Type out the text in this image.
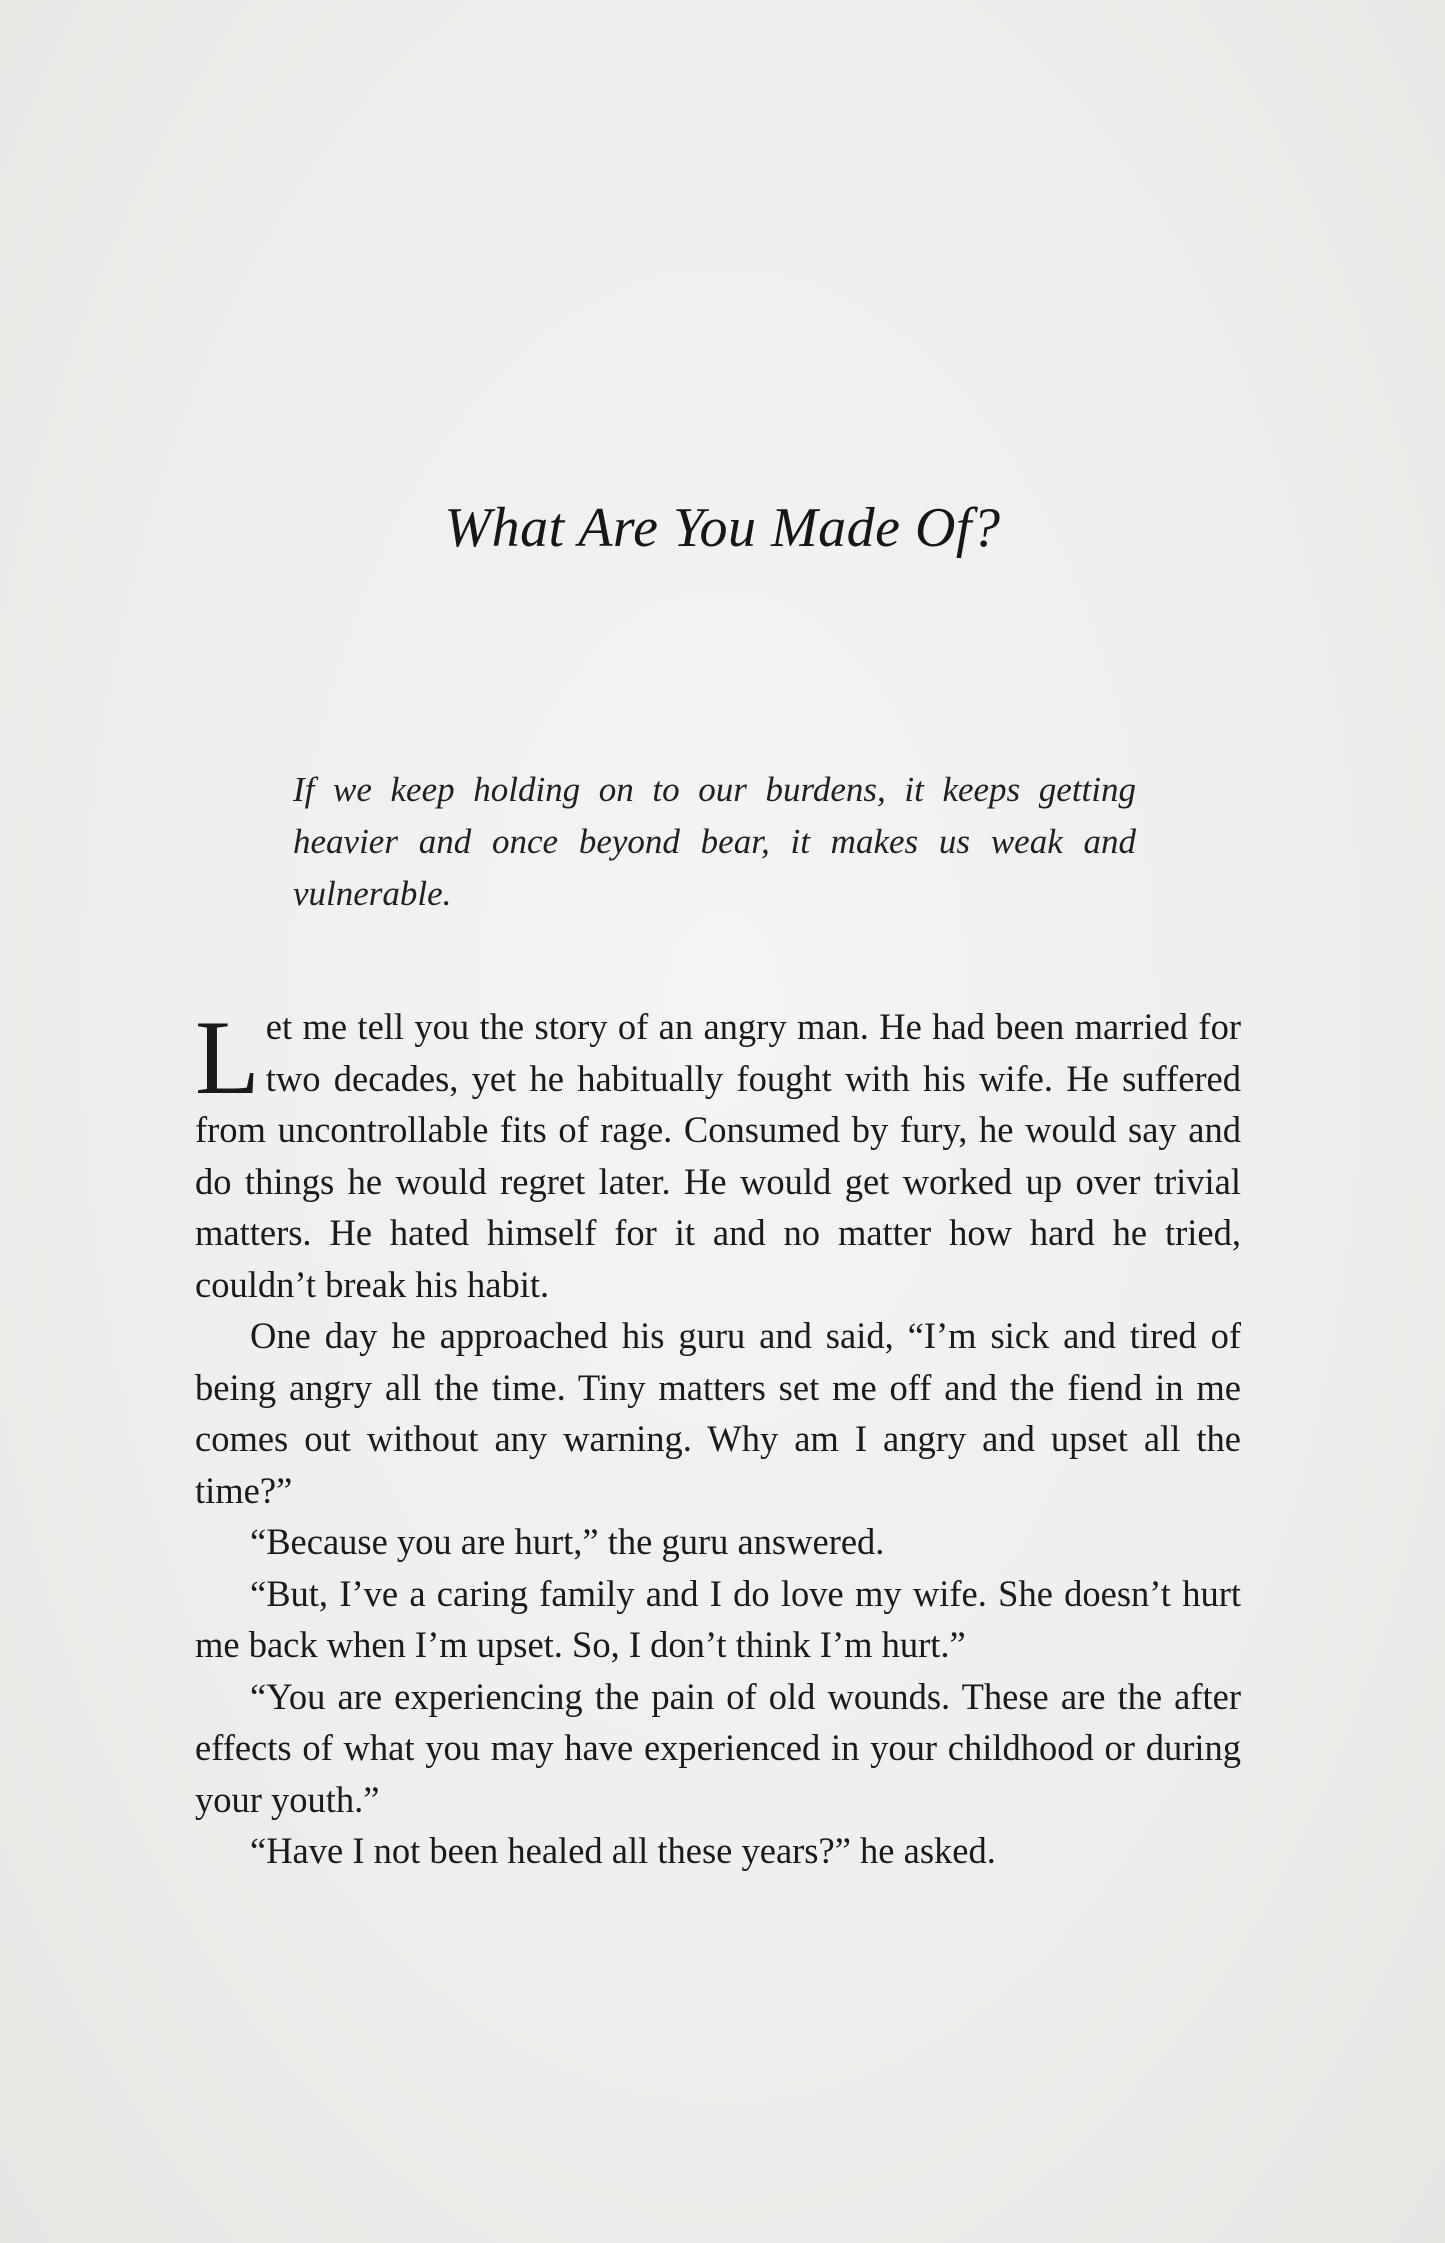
What Are You Made Of?
If we keep holding on to our burdens, it keeps getting heavier and once beyond bear, it makes us weak and vulnerable.

Let me tell you the story of an angry man. He had been married for two decades, yet he habitually fought with his wife. He suffered from uncontrollable fits of rage. Consumed by fury, he would say and do things he would regret later. He would get worked up over trivial matters. He hated himself for it and no matter how hard he tried, couldn’t break his habit.

One day he approached his guru and said, “I’m sick and tired of being angry all the time. Tiny matters set me off and the fiend in me comes out without any warning. Why am I angry and upset all the time?”

“Because you are hurt,” the guru answered.

“But, I’ve a caring family and I do love my wife. She doesn’t hurt me back when I’m upset. So, I don’t think I’m hurt.”

“You are experiencing the pain of old wounds. These are the after effects of what you may have experienced in your childhood or during your youth.”

“Have I not been healed all these years?” he asked.
